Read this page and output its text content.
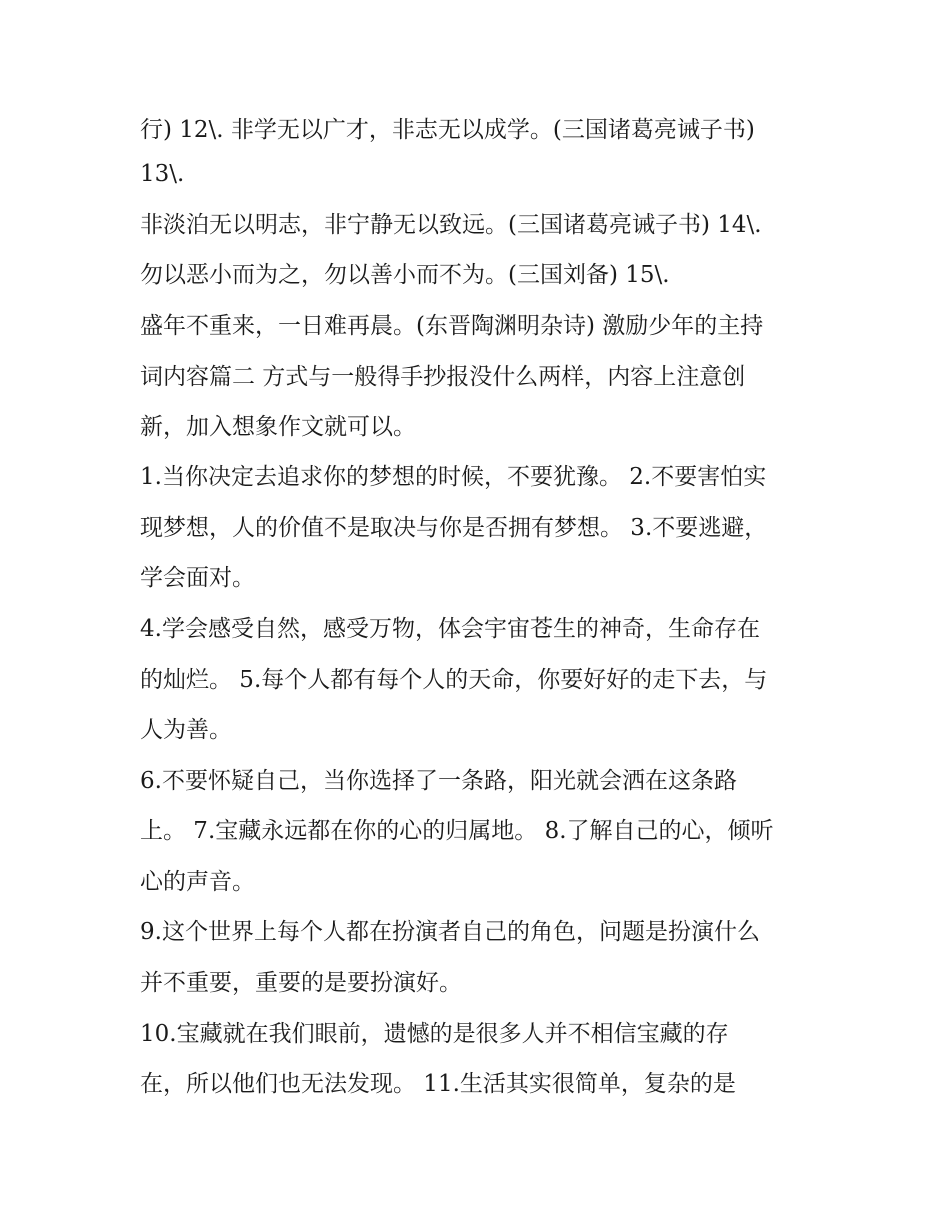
行) 12\. 非学无以广才，非志无以成学。(三国诸葛亮诫子书)

13\.

非淡泊无以明志，非宁静无以致远。(三国诸葛亮诫子书) 14\.

勿以恶小而为之，勿以善小而不为。(三国刘备) 15\.

盛年不重来，一日难再晨。(东晋陶渊明杂诗) 激励少年的主持

词内容篇二 方式与一般得手抄报没什么两样，内容上注意创

新，加入想象作文就可以。

1.当你决定去追求你的梦想的时候，不要犹豫。 2.不要害怕实

现梦想，人的价值不是取决与你是否拥有梦想。 3.不要逃避，

学会面对。

4.学会感受自然，感受万物，体会宇宙苍生的神奇，生命存在

的灿烂。 5.每个人都有每个人的天命，你要好好的走下去，与

人为善。

6.不要怀疑自己，当你选择了一条路，阳光就会洒在这条路

上。 7.宝藏永远都在你的心的归属地。 8.了解自己的心，倾听

心的声音。

9.这个世界上每个人都在扮演者自己的角色，问题是扮演什么

并不重要，重要的是要扮演好。

10.宝藏就在我们眼前，遗憾的是很多人并不相信宝藏的存

在，所以他们也无法发现。 11.生活其实很简单，复杂的是
